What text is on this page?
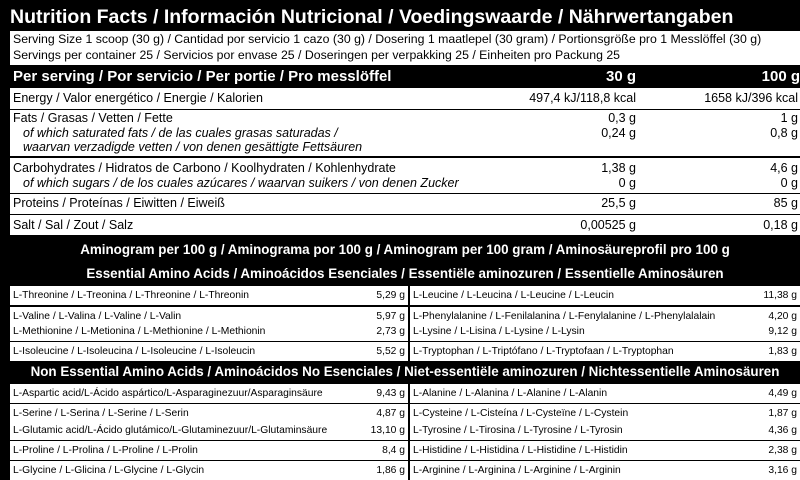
Nutrition Facts / Información Nutricional / Voedingswaarde / Nährwertangaben
Serving Size 1 scoop (30 g) / Cantidad por servicio 1 cazo (30 g) / Dosering 1 maatlepel (30 gram) / Portionsgröße pro 1 Messlöffel (30 g)
Servings per container 25 / Servicios por envase 25 / Doseringen per verpakking 25 / Einheiten pro Packung 25
Per serving / Por servicio / Per portie / Pro messlöffel	30 g	100 g
Energy / Valor energético / Energie / Kalorien	497,4 kJ/118,8 kcal	1658 kJ/396 kcal
Fats / Grasas / Vetten / Fette	0,3 g	1 g
of which saturated fats / de las cuales grasas saturadas /	0,24 g	0,8 g
waarvan verzadigde vetten / von denen gesättigte Fettsäuren
Carbohydrates / Hidratos de Carbono / Koolhydraten / Kohlenhydrate	1,38 g	4,6 g
of which sugars / de los cuales azúcares / waarvan suikers / von denen Zucker	0 g	0 g
Proteins / Proteínas / Eiwitten / Eiweiß	25,5 g	85 g
Salt / Sal / Zout / Salz	0,00525 g	0,18 g
Aminogram per 100 g / Aminograma por 100 g / Aminogram per 100 gram / Aminosäureprofil pro 100 g
Essential Amino Acids / Aminoácidos Esenciales / Essentiële aminozuren / Essentielle Aminosäuren
L-Threonine / L-Treonina / L-Threonine / L-Threonin	5,29 g L-Leucine / L-Leucina / L-Leucine / L-Leucin	11,38 g
L-Valine / L-Valina / L-Valine / L-Valin	5,97 g L-Phenylalanine / L-Fenilalanina / L-Fenylalanine / L-Phenylalalain	4,20 g
L-Methionine / L-Metionina / L-Methionine / L-Methionin	2,73 g L-Lysine / L-Lisina / L-Lysine / L-Lysin	9,12 g
L-Isoleucine / L-Isoleucina / L-Isoleucine / L-Isoleucin	5,52 g L-Tryptophan / L-Triptófano / L-Tryptofaan / L-Tryptophan	1,83 g
Non Essential Amino Acids / Aminoácidos No Esenciales / Niet-essentiële aminozuren / Nichtessentielle Aminosäuren
L-Aspartic acid/L-Ácido aspártico/L-Asparaginezuur/Asparaginsäure	9,43 g L-Alanine / L-Alanina / L-Alanine / L-Alanin	4,49 g
L-Serine / L-Serina / L-Serine / L-Serin	4,87 g L-Cysteine / L-Cisteína / L-Cysteïne / L-Cystein	1,87 g
L-Glutamic acid/L-Ácido glutámico/L-Glutaminezuur/L-Glutaminsäure	13,10 g L-Tyrosine / L-Tirosina / L-Tyrosine / L-Tyrosin	4,36 g
L-Proline / L-Prolina / L-Proline / L-Prolin	8,4 g L-Histidine / L-Histidina / L-Histidine / L-Histidin	2,38 g
L-Glycine / L-Glicina / L-Glycine / L-Glycin	1,86 g L-Arginine / L-Arginina / L-Arginine / L-Arginin	3,16 g
